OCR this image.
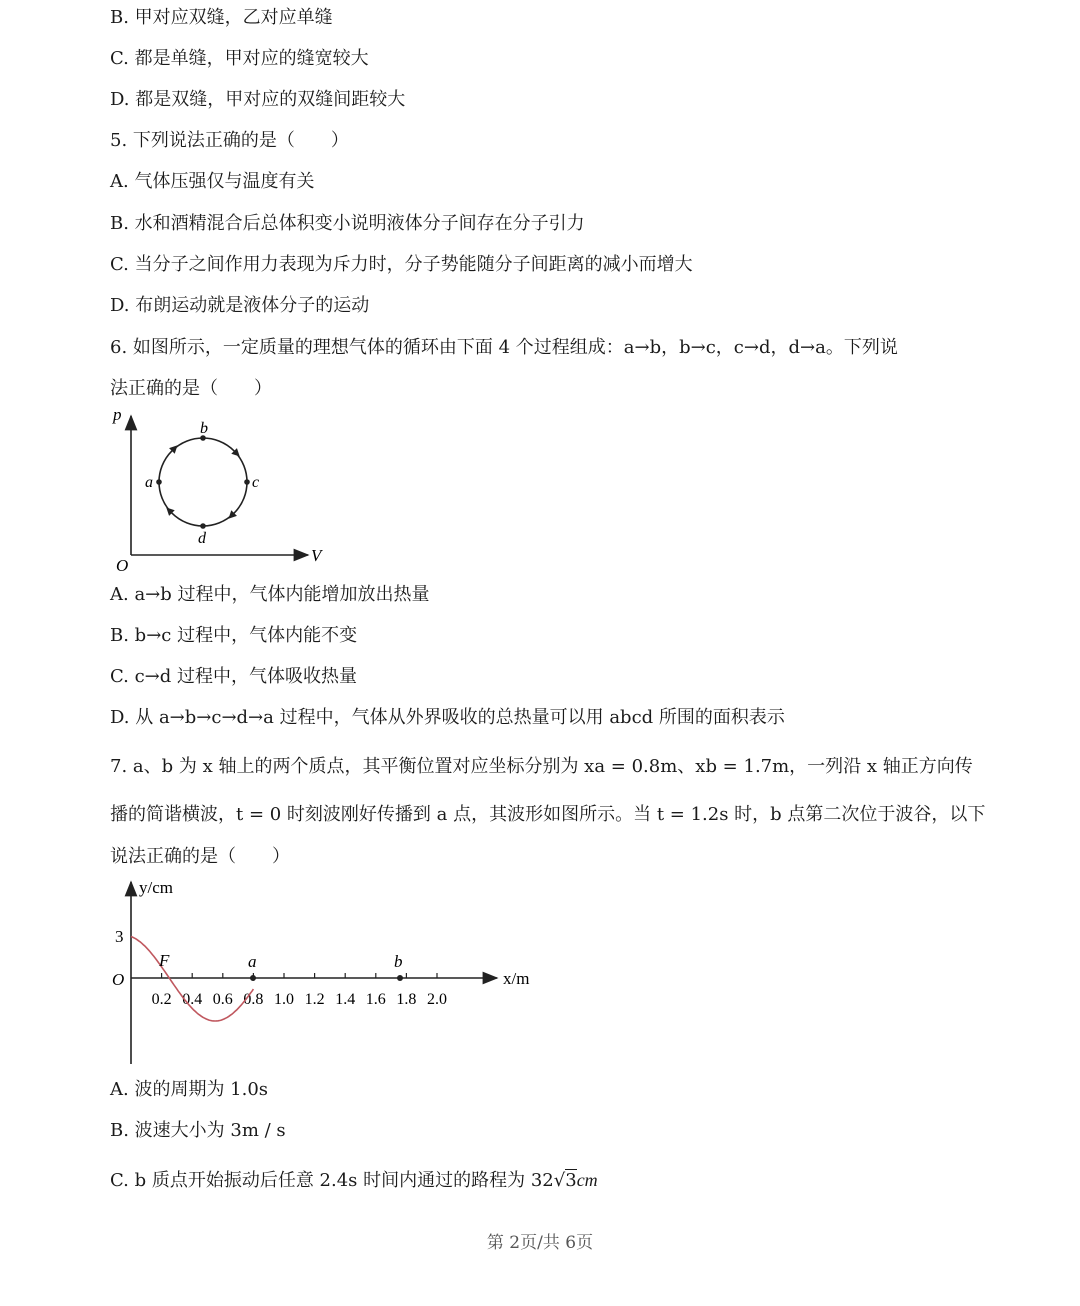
B. 甲对应双缝，乙对应单缝
C. 都是单缝，甲对应的缝宽较大
D. 都是双缝，甲对应的双缝间距较大
5. 下列说法正确的是（　　）
A. 气体压强仅与温度有关
B. 水和酒精混合后总体积变小说明液体分子间存在分子引力
C. 当分子之间作用力表现为斥力时，分子势能随分子间距离的减小而增大
D. 布朗运动就是液体分子的运动
6. 如图所示，一定质量的理想气体的循环由下面 4 个过程组成：a→b，b→c，c→d，d→a。下列说
法正确的是（　　）
p
V
O
a
b
c
d
A. a→b 过程中，气体内能增加放出热量
B. b→c 过程中，气体内能不变
C. c→d 过程中，气体吸收热量
D. 从 a→b→c→d→a 过程中，气体从外界吸收的总热量可以用 abcd 所围的面积表示
7. a、b 为 x 轴上的两个质点，其平衡位置对应坐标分别为 xa = 0.8m、xb = 1.7m，一列沿 x 轴正方向传
播的简谐横波，t = 0 时刻波刚好传播到 a 点，其波形如图所示。当 t = 1.2s 时，b 点第二次位于波谷，以下
说法正确的是（　　）
y/cm
x/m
O
3
0.2 0.4 0.6 0.8 1.0 1.2 1.4 1.6 1.8 2.0
F	a	b
A. 波的周期为 1.0s
B. 波速大小为 3m / s
C. b 质点开始振动后任意 2.4s 时间内通过的路程为 32√3cm
第 2页/共 6页
